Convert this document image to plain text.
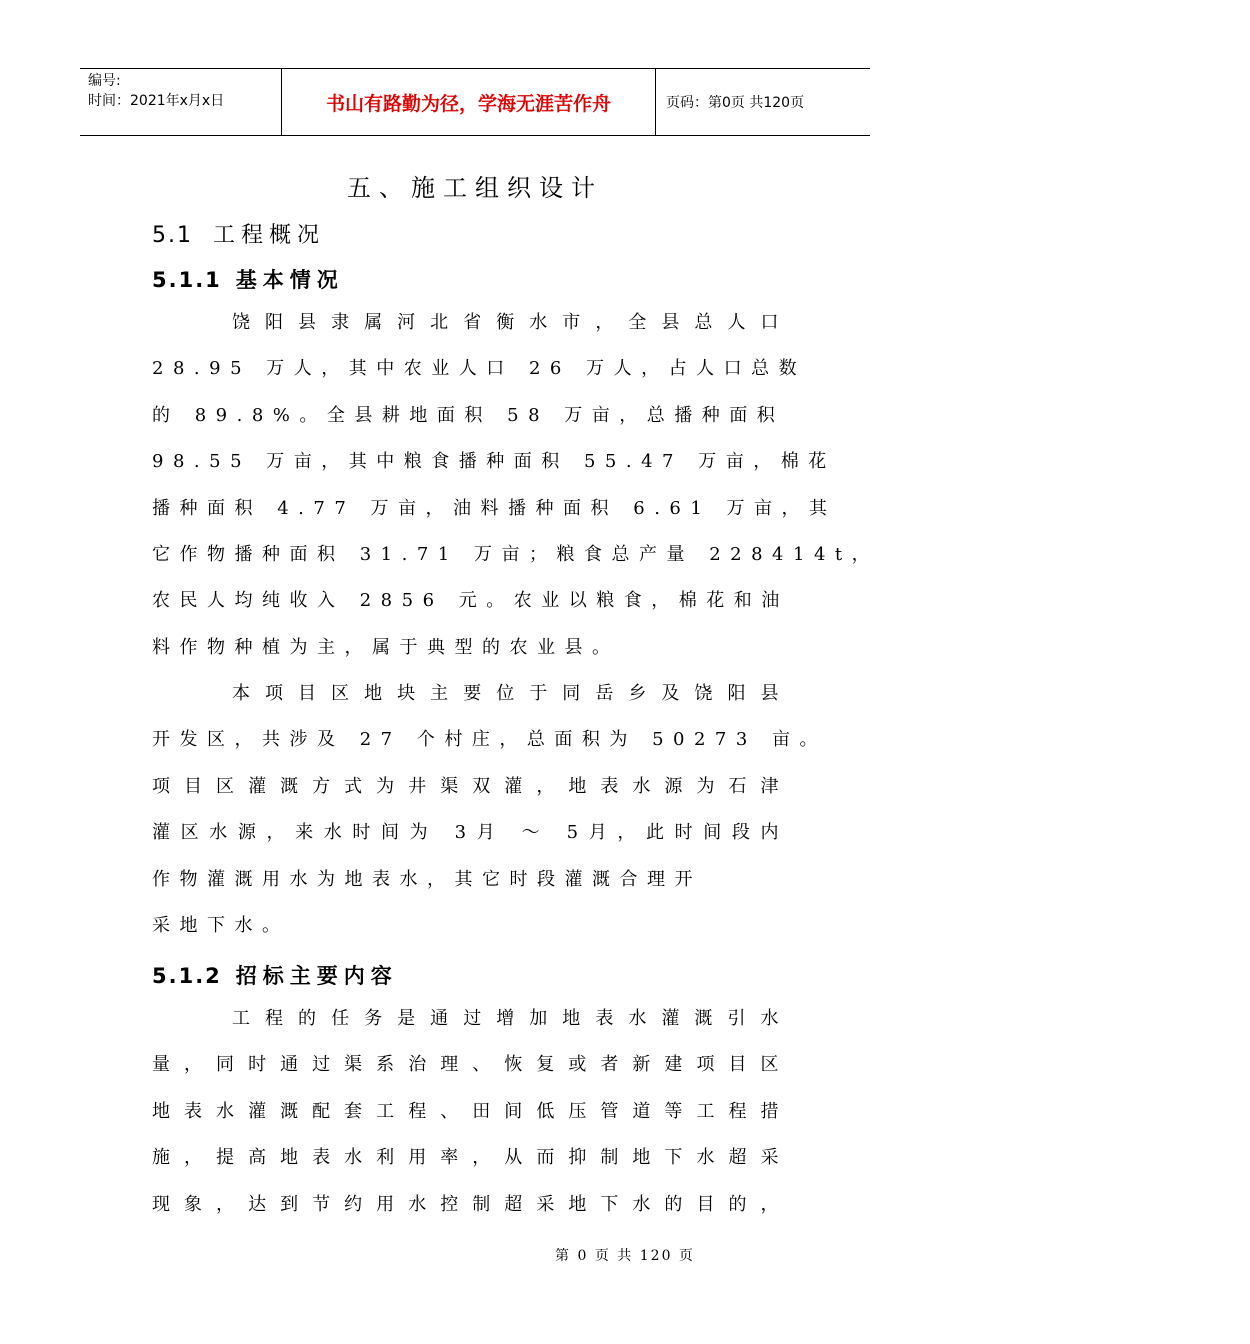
编号:
时间：2021年x月x日	书山有路勤为径，学海无涯苦作舟	页码：第0页 共120页
五、施工组织设计
5.1 工程概况
5.1.1 基本情况
饶阳县隶属河北省衡水市，全县总人口
28.95 万人，其中农业人口 26 万人，占人口总数
的 89.8%。全县耕地面积 58 万亩，总播种面积
98.55 万亩，其中粮食播种面积 55.47 万亩，棉花
播种面积 4.77 万亩，油料播种面积 6.61 万亩，其
它作物播种面积 31.71 万亩；粮食总产量 228414t，
农民人均纯收入 2856 元。农业以粮食，棉花和油
料作物种植为主，属于典型的农业县。
本项目区地块主要位于同岳乡及饶阳县
开发区，共涉及 27 个村庄，总面积为 50273 亩。
项目区灌溉方式为井渠双灌，地表水源为石津
灌区水源，来水时间为 3月 ～ 5月，此时间段内
作物灌溉用水为地表水，其它时段灌溉合理开
采地下水。
5.1.2 招标主要内容
工程的任务是通过增加地表水灌溉引水
量，同时通过渠系治理、恢复或者新建项目区
地表水灌溉配套工程、田间低压管道等工程措
施，提高地表水利用率，从而抑制地下水超采
现象，达到节约用水控制超采地下水的目的，
第 0 页 共 120 页
